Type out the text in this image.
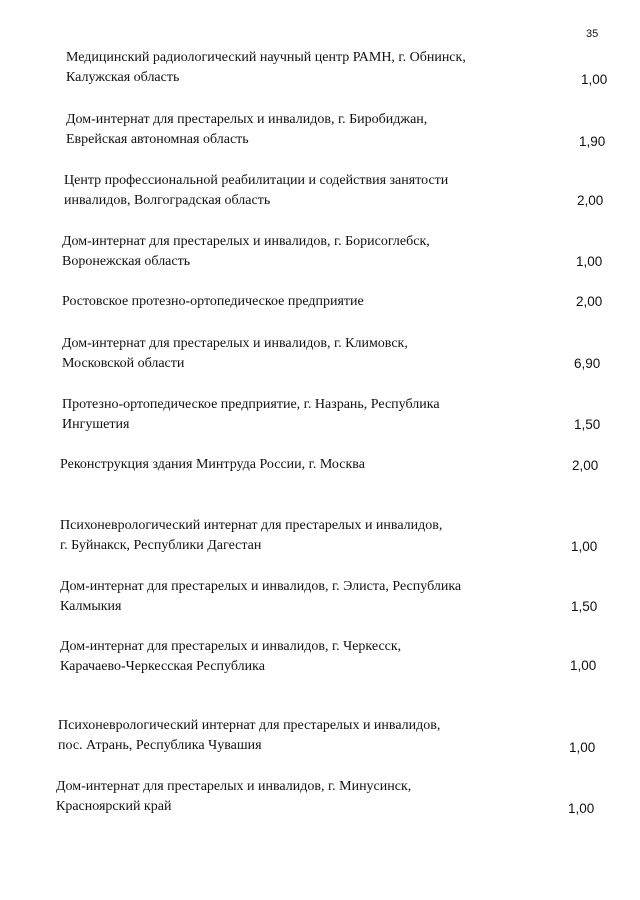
35
Медицинский радиологический научный центр РАМН, г. Обнинск,
Калужская область	1,00
Дом-интернат для престарелых и инвалидов, г. Биробиджан,
Еврейская автономная область	1,90
Центр профессиональной реабилитации и содействия занятости
инвалидов, Волгоградская область	2,00
Дом-интернат для престарелых и инвалидов, г. Борисоглебск,
Воронежская область	1,00
Ростовское протезно-ортопедическое предприятие	2,00
Дом-интернат для престарелых и инвалидов, г. Климовск,
Московской области	6,90
Протезно-ортопедическое предприятие, г. Назрань, Республика
Ингушетия	1,50
Реконструкция здания Минтруда России, г. Москва	2,00
Психоневрологический интернат для престарелых и инвалидов,
г. Буйнакск, Республики Дагестан	1,00
Дом-интернат для престарелых и инвалидов, г. Элиста, Республика
Калмыкия	1,50
Дом-интернат для престарелых и инвалидов, г. Черкесск,
Карачаево-Черкесская Республика	1,00
Психоневрологический интернат для престарелых и инвалидов,
пос. Атрань, Республика Чувашия	1,00
Дом-интернат для престарелых и инвалидов, г. Минусинск,
Красноярский край	1,00
